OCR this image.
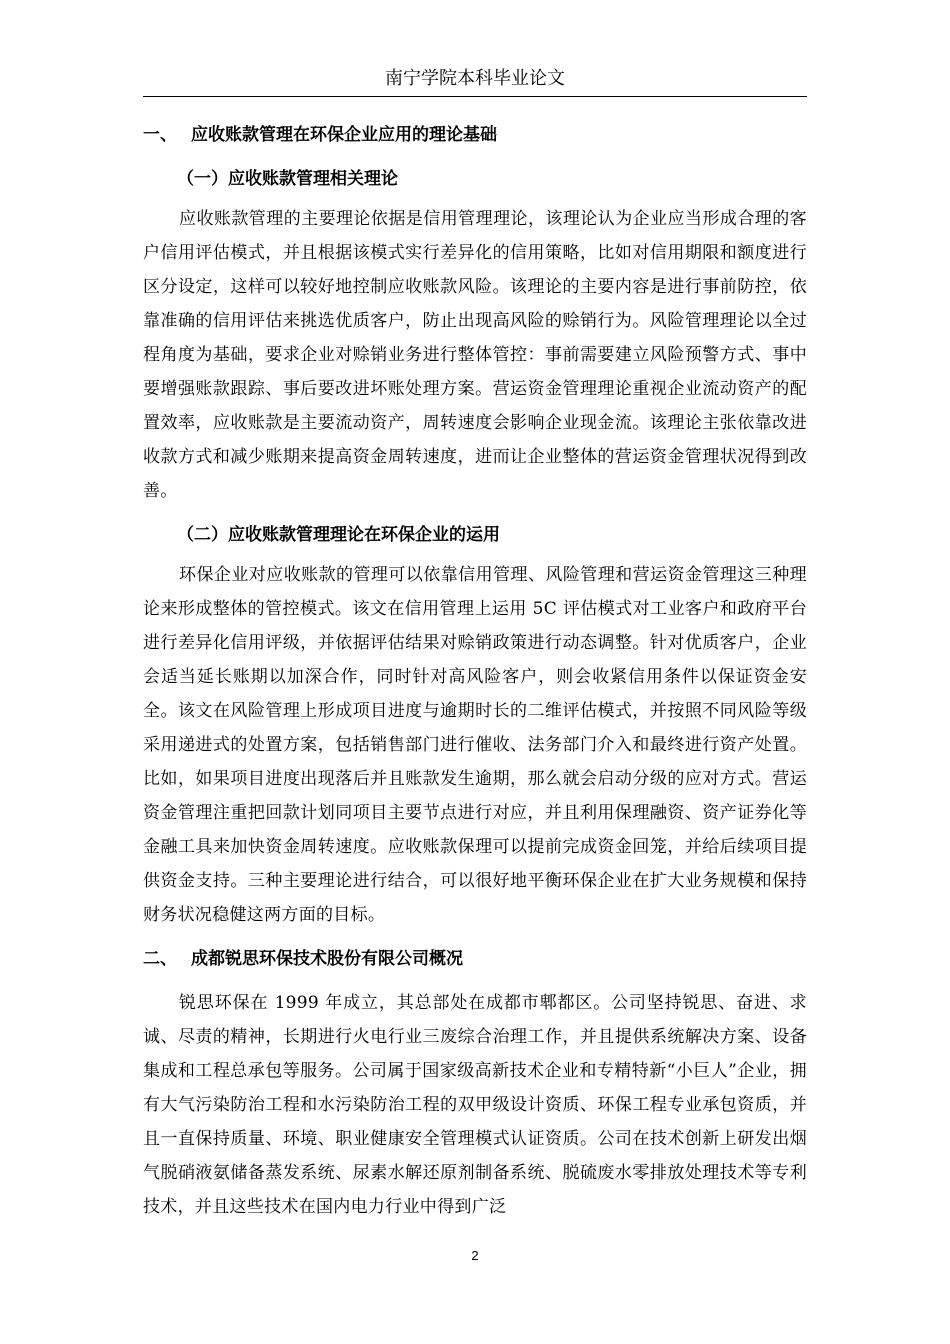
南宁学院本科毕业论文
一、 应收账款管理在环保企业应用的理论基础
（一）应收账款管理相关理论

应收账款管理的主要理论依据是信用管理理论，该理论认为企业应当形成合理的客户信用评估模式，并且根据该模式实行差异化的信用策略，比如对信用期限和额度进行区分设定，这样可以较好地控制应收账款风险。该理论的主要内容是进行事前防控，依靠准确的信用评估来挑选优质客户，防止出现高风险的赊销行为。风险管理理论以全过程角度为基础，要求企业对赊销业务进行整体管控：事前需要建立风险预警方式、事中要增强账款跟踪、事后要改进坏账处理方案。营运资金管理理论重视企业流动资产的配置效率，应收账款是主要流动资产，周转速度会影响企业现金流。该理论主张依靠改进收款方式和减少账期来提高资金周转速度，进而让企业整体的营运资金管理状况得到改善。

（二）应收账款管理理论在环保企业的运用

环保企业对应收账款的管理可以依靠信用管理、风险管理和营运资金管理这三种理论来形成整体的管控模式。该文在信用管理上运用 5C 评估模式对工业客户和政府平台进行差异化信用评级，并依据评估结果对赊销政策进行动态调整。针对优质客户，企业会适当延长账期以加深合作，同时针对高风险客户，则会收紧信用条件以保证资金安全。该文在风险管理上形成项目进度与逾期时长的二维评估模式，并按照不同风险等级采用递进式的处置方案，包括销售部门进行催收、法务部门介入和最终进行资产处置。比如，如果项目进度出现落后并且账款发生逾期，那么就会启动分级的应对方式。营运资金管理注重把回款计划同项目主要节点进行对应，并且利用保理融资、资产证券化等金融工具来加快资金周转速度。应收账款保理可以提前完成资金回笼，并给后续项目提供资金支持。三种主要理论进行结合，可以很好地平衡环保企业在扩大业务规模和保持财务状况稳健这两方面的目标。

二、 成都锐思环保技术股份有限公司概况

锐思环保在 1999 年成立，其总部处在成都市郫都区。公司坚持锐思、奋进、求诚、尽责的精神，长期进行火电行业三废综合治理工作，并且提供系统解决方案、设备集成和工程总承包等服务。公司属于国家级高新技术企业和专精特新“小巨人”企业，拥有大气污染防治工程和水污染防治工程的双甲级设计资质、环保工程专业承包资质，并且一直保持质量、环境、职业健康安全管理模式认证资质。公司在技术创新上研发出烟气脱硝液氨储备蒸发系统、尿素水解还原剂制备系统、脱硫废水零排放处理技术等专利技术，并且这些技术在国内电力行业中得到广泛

2
